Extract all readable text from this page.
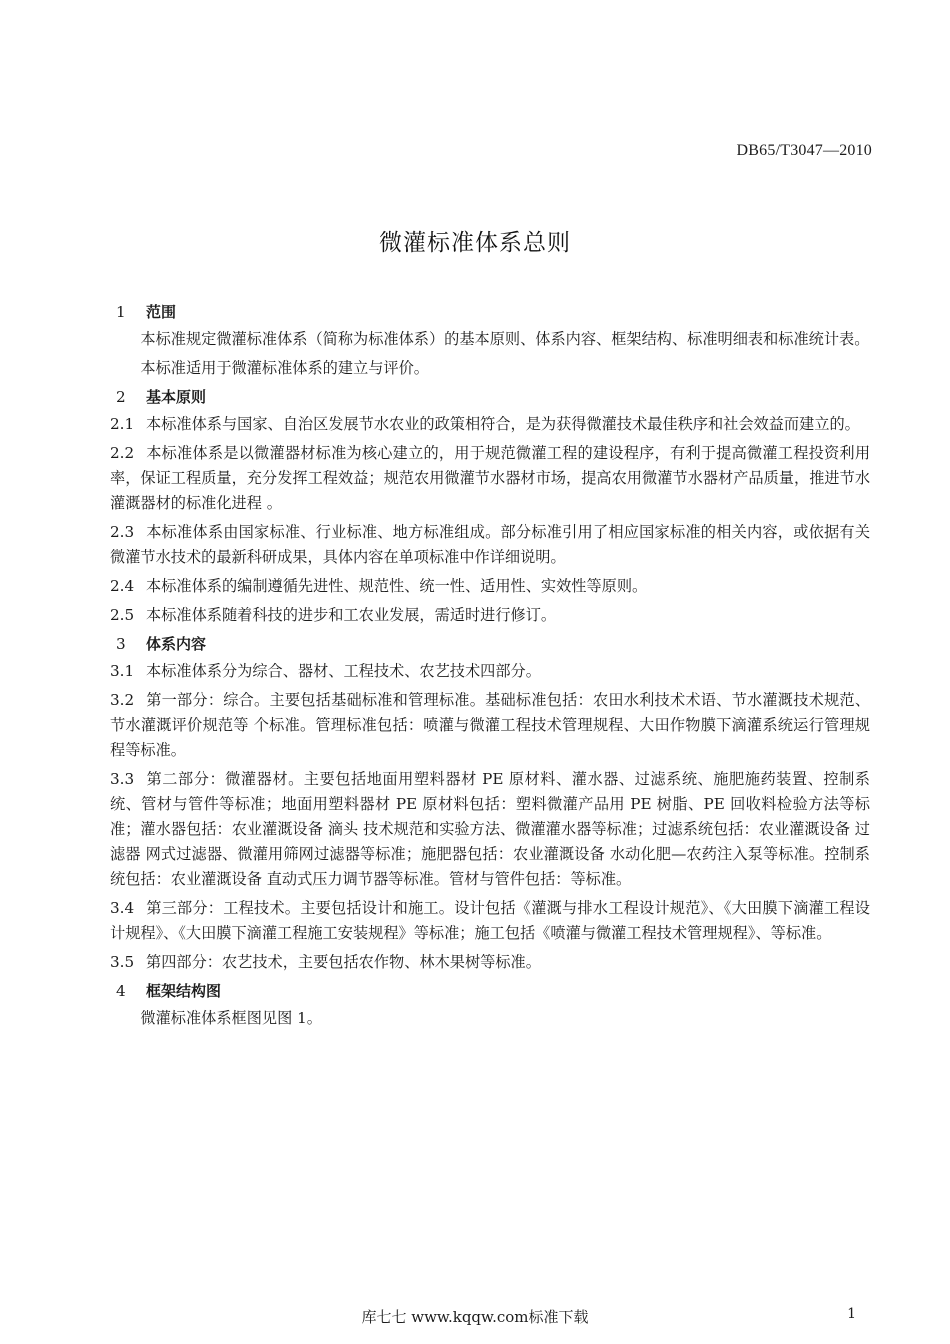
DB65/T3047—2010
微灌标准体系总则
1 范围

本标准规定微灌标准体系（简称为标准体系）的基本原则、体系内容、框架结构、标准明细表和标准统计表。

本标准适用于微灌标准体系的建立与评价。

2 基本原则

2.1 本标准体系与国家、自治区发展节水农业的政策相符合，是为获得微灌技术最佳秩序和社会效益而建立的。

2.2 本标准体系是以微灌器材标准为核心建立的，用于规范微灌工程的建设程序，有利于提高微灌工程投资利用率，保证工程质量，充分发挥工程效益；规范农用微灌节水器材市场，提高农用微灌节水器材产品质量，推进节水灌溉器材的标准化进程 。

2.3 本标准体系由国家标准、行业标准、地方标准组成。部分标准引用了相应国家标准的相关内容，或依据有关微灌节水技术的最新科研成果，具体内容在单项标准中作详细说明。

2.4 本标准体系的编制遵循先进性、规范性、统一性、适用性、实效性等原则。

2.5 本标准体系随着科技的进步和工农业发展，需适时进行修订。

3 体系内容

3.1 本标准体系分为综合、器材、工程技术、农艺技术四部分。

3.2 第一部分：综合。主要包括基础标准和管理标准。基础标准包括：农田水利技术术语、节水灌溉技术规范、节水灌溉评价规范等 个标准。管理标准包括：喷灌与微灌工程技术管理规程、大田作物膜下滴灌系统运行管理规程等标准。

3.3 第二部分：微灌器材。主要包括地面用塑料器材 PE 原材料、灌水器、过滤系统、施肥施药装置、控制系统、管材与管件等标准；地面用塑料器材 PE 原材料包括：塑料微灌产品用 PE 树脂、PE 回收料检验方法等标准；灌水器包括：农业灌溉设备 滴头 技术规范和实验方法、微灌灌水器等标准；过滤系统包括：农业灌溉设备 过滤器 网式过滤器、微灌用筛网过滤器等标准；施肥器包括：农业灌溉设备 水动化肥—农药注入泵等标准。控制系统包括：农业灌溉设备 直动式压力调节器等标准。管材与管件包括：等标准。

3.4 第三部分：工程技术。主要包括设计和施工。设计包括《灌溉与排水工程设计规范》、《大田膜下滴灌工程设计规程》、《大田膜下滴灌工程施工安装规程》等标准；施工包括《喷灌与微灌工程技术管理规程》、等标准。

3.5 第四部分：农艺技术，主要包括农作物、林木果树等标准。

4 框架结构图

微灌标准体系框图见图 1。

库七七 www.kqqw.com标准下载	1
